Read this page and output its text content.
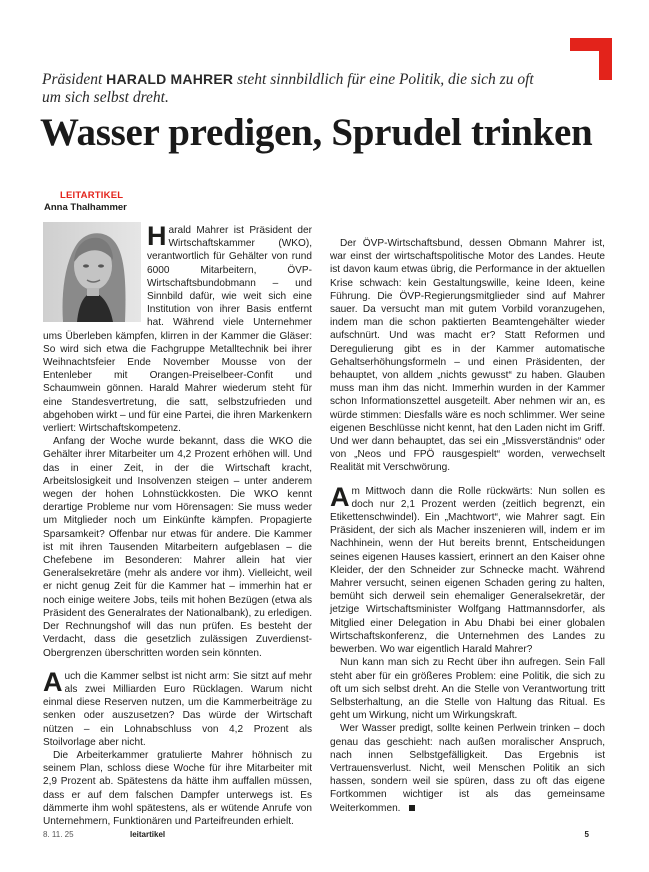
Präsident HARALD MAHRER steht sinnbildlich für eine Politik, die sich zu oft um sich selbst dreht.
Wasser predigen, Sprudel trinken
LEITARTIKEL
Anna Thalhammer

Harald Mahrer ist Präsident der Wirtschaftskammer (WKO), verantwortlich für Gehälter von rund 6000 Mitarbeitern, ÖVP-Wirtschaftsbundobmann – und Sinnbild dafür, wie weit sich eine Institution von ihrer Basis entfernt hat. Während viele Unternehmer ums Überleben kämpfen, klirren in der Kammer die Gläser: So wird sich etwa die Fachgruppe Metalltechnik bei ihrer Weihnachtsfeier Ende November Mousse von der Entenleber mit Orangen-Preiselbeer-Confit und Schaumwein gönnen. Harald Mahrer wiederum steht für eine Standesvertretung, die satt, selbstzufrieden und abgehoben wirkt – und für eine Partei, die ihren Markenkern verliert: Wirtschaftskompetenz.

Anfang der Woche wurde bekannt, dass die WKO die Gehälter ihrer Mitarbeiter um 4,2 Prozent erhöhen will. Und das in einer Zeit, in der die Wirtschaft kracht, Arbeitslosigkeit und Insolvenzen steigen – unter anderem wegen der hohen Lohnstückkosten. Die WKO kennt derartige Probleme nur vom Hörensagen: Sie muss weder um Mitglieder noch um Einkünfte kämpfen. Propagierte Sparsamkeit? Offenbar nur etwas für andere. Die Kammer ist mit ihren Tausenden Mitarbeitern aufgeblasen – die Chefebene im Besonderen: Mahrer allein hat vier Generalsekretäre (mehr als andere vor ihm). Vielleicht, weil er nicht genug Zeit für die Kammer hat – immerhin hat er noch einige weitere Jobs, teils mit hohen Bezügen (etwa als Präsident des Generalrates der Nationalbank), zu erledigen. Der Rechnungshof will das nun prüfen. Es besteht der Verdacht, dass die gesetzlich zulässigen Zuverdienst-Obergrenzen überschritten worden sein könnten.

Auch die Kammer selbst ist nicht arm: Sie sitzt auf mehr als zwei Milliarden Euro Rücklagen. Warum nicht einmal diese Reserven nutzen, um die Kammerbeiträge zu senken oder auszusetzen? Das würde der Wirtschaft nützen – ein Lohnabschluss von 4,2 Prozent als Stoilvorlage aber nicht.

Die Arbeiterkammer gratulierte Mahrer höhnisch zu seinem Plan, schloss diese Woche für ihre Mitarbeiter mit 2,9 Prozent ab. Spätestens da hätte ihm auffallen müssen, dass er auf dem falschen Dampfer unterwegs ist. Es dämmerte ihm wohl spätestens, als er wütende Anrufe von Unternehmern, Funktionären und Parteifreunden erhielt.

Der ÖVP-Wirtschaftsbund, dessen Obmann Mahrer ist, war einst der wirtschaftspolitische Motor des Landes. Heute ist davon kaum etwas übrig, die Performance in der aktuellen Krise schwach: kein Gestaltungswille, keine Ideen, keine Führung. Die ÖVP-Regierungsmitglieder sind auf Mahrer sauer. Da versucht man mit gutem Vorbild voranzugehen, indem man die schon paktierten Beamtengehälter wieder aufschnürt. Und was macht er? Statt Reformen und Deregulierung gibt es in der Kammer automatische Gehaltserhöhungsformeln – und einen Präsidenten, der behauptet, von alldem „nichts gewusst“ zu haben. Glauben muss man ihm das nicht. Immerhin wurden in der Kammer schon Informationszettel ausgeteilt. Aber nehmen wir an, es würde stimmen: Diesfalls wäre es noch schlimmer. Wer seine eigenen Beschlüsse nicht kennt, hat den Laden nicht im Griff. Und wer dann behauptet, das sei ein „Missverständnis“ oder von „Neos und FPÖ rausgespielt“ worden, verwechselt Realität mit Verschwörung.

Am Mittwoch dann die Rolle rückwärts: Nun sollen es doch nur 2,1 Prozent werden (zeitlich begrenzt, ein Etikettenschwindel). Ein „Machtwort“, wie Mahrer sagt. Ein Präsident, der sich als Macher inszenieren will, indem er im Nachhinein, wenn der Hut bereits brennt, Entscheidungen seines eigenen Hauses kassiert, erinnert an den Kaiser ohne Kleider, der den Schneider zur Schnecke macht. Während Mahrer versucht, seinen eigenen Schaden gering zu halten, bemüht sich derweil sein ehemaliger Generalsekretär, der jetzige Wirtschaftsminister Wolfgang Hattmannsdorfer, als Mitglied einer Delegation in Abu Dhabi bei einer globalen Wirtschaftskonferenz, die Unternehmen des Landes zu bewerben. Wo war eigentlich Harald Mahrer?

Nun kann man sich zu Recht über ihn aufregen. Sein Fall steht aber für ein größeres Problem: eine Politik, die sich zu oft um sich selbst dreht. An die Stelle von Verantwortung tritt Selbsterhaltung, an die Stelle von Haltung das Ritual. Es geht um Wirkung, nicht um Wirkungskraft.

Wer Wasser predigt, sollte keinen Perlwein trinken – doch genau das geschieht: nach außen moralischer Anspruch, nach innen Selbstgefälligkeit. Das Ergebnis ist Vertrauensverlust. Nicht, weil Menschen Politik an sich hassen, sondern weil sie spüren, dass zu oft das eigene Fortkommen wichtiger ist als das gemeinsame Weiterkommen.

8. 11. 25	leitartikel	5
